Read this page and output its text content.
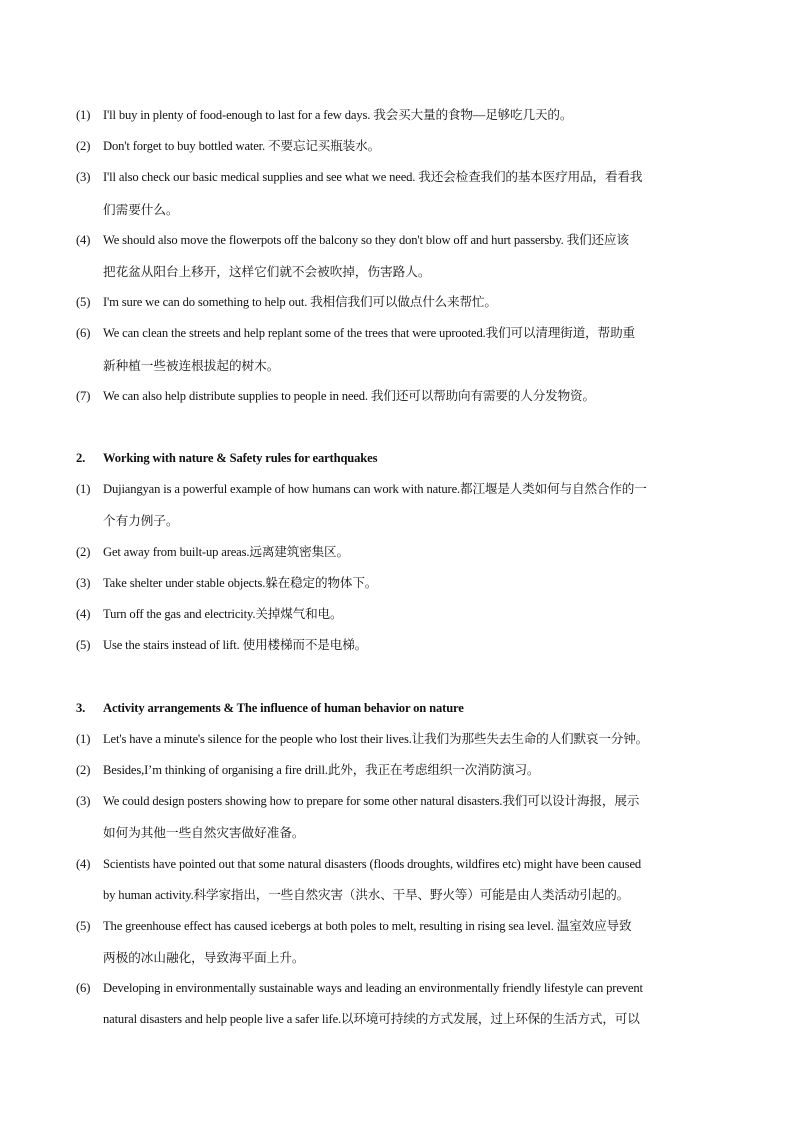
(1) I'll buy in plenty of food-enough to last for a few days. 我会买大量的食物—足够吃几天的。
(2) Don't forget to buy bottled water. 不要忘记买瓶装水。
(3) I'll also check our basic medical supplies and see what we need. 我还会检查我们的基本医疗用品，看看我
们需要什么。
(4) We should also move the flowerpots off the balcony so they don't blow off and hurt passersby. 我们还应该
把花盆从阳台上移开，这样它们就不会被吹掉，伤害路人。
(5) I'm sure we can do something to help out. 我相信我们可以做点什么来帮忙。
(6) We can clean the streets and help replant some of the trees that were uprooted.我们可以清理街道，帮助重
新种植一些被连根拔起的树木。
(7) We can also help distribute supplies to people in need. 我们还可以帮助向有需要的人分发物资。
2. Working with nature & Safety rules for earthquakes
(1) Dujiangyan is a powerful example of how humans can work with nature.都江堰是人类如何与自然合作的一
个有力例子。
(2) Get away from built-up areas.远离建筑密集区。
(3) Take shelter under stable objects.躲在稳定的物体下。
(4) Turn off the gas and electricity.关掉煤气和电。
(5) Use the stairs instead of lift. 使用楼梯而不是电梯。
3. Activity arrangements & The influence of human behavior on nature
(1) Let's have a minute's silence for the people who lost their lives.让我们为那些失去生命的人们默哀一分钟。
(2) Besides,I’m thinking of organising a fire drill.此外，我正在考虑组织一次消防演习。
(3) We could design posters showing how to prepare for some other natural disasters.我们可以设计海报，展示
如何为其他一些自然灾害做好准备。
(4) Scientists have pointed out that some natural disasters (floods droughts, wildfires etc) might have been caused
by human activity.科学家指出，一些自然灾害（洪水、干旱、野火等）可能是由人类活动引起的。
(5) The greenhouse effect has caused icebergs at both poles to melt, resulting in rising sea level. 温室效应导致
两极的冰山融化，导致海平面上升。
(6) Developing in environmentally sustainable ways and leading an environmentally friendly lifestyle can prevent
natural disasters and help people live a safer life.以环境可持续的方式发展，过上环保的生活方式，可以
